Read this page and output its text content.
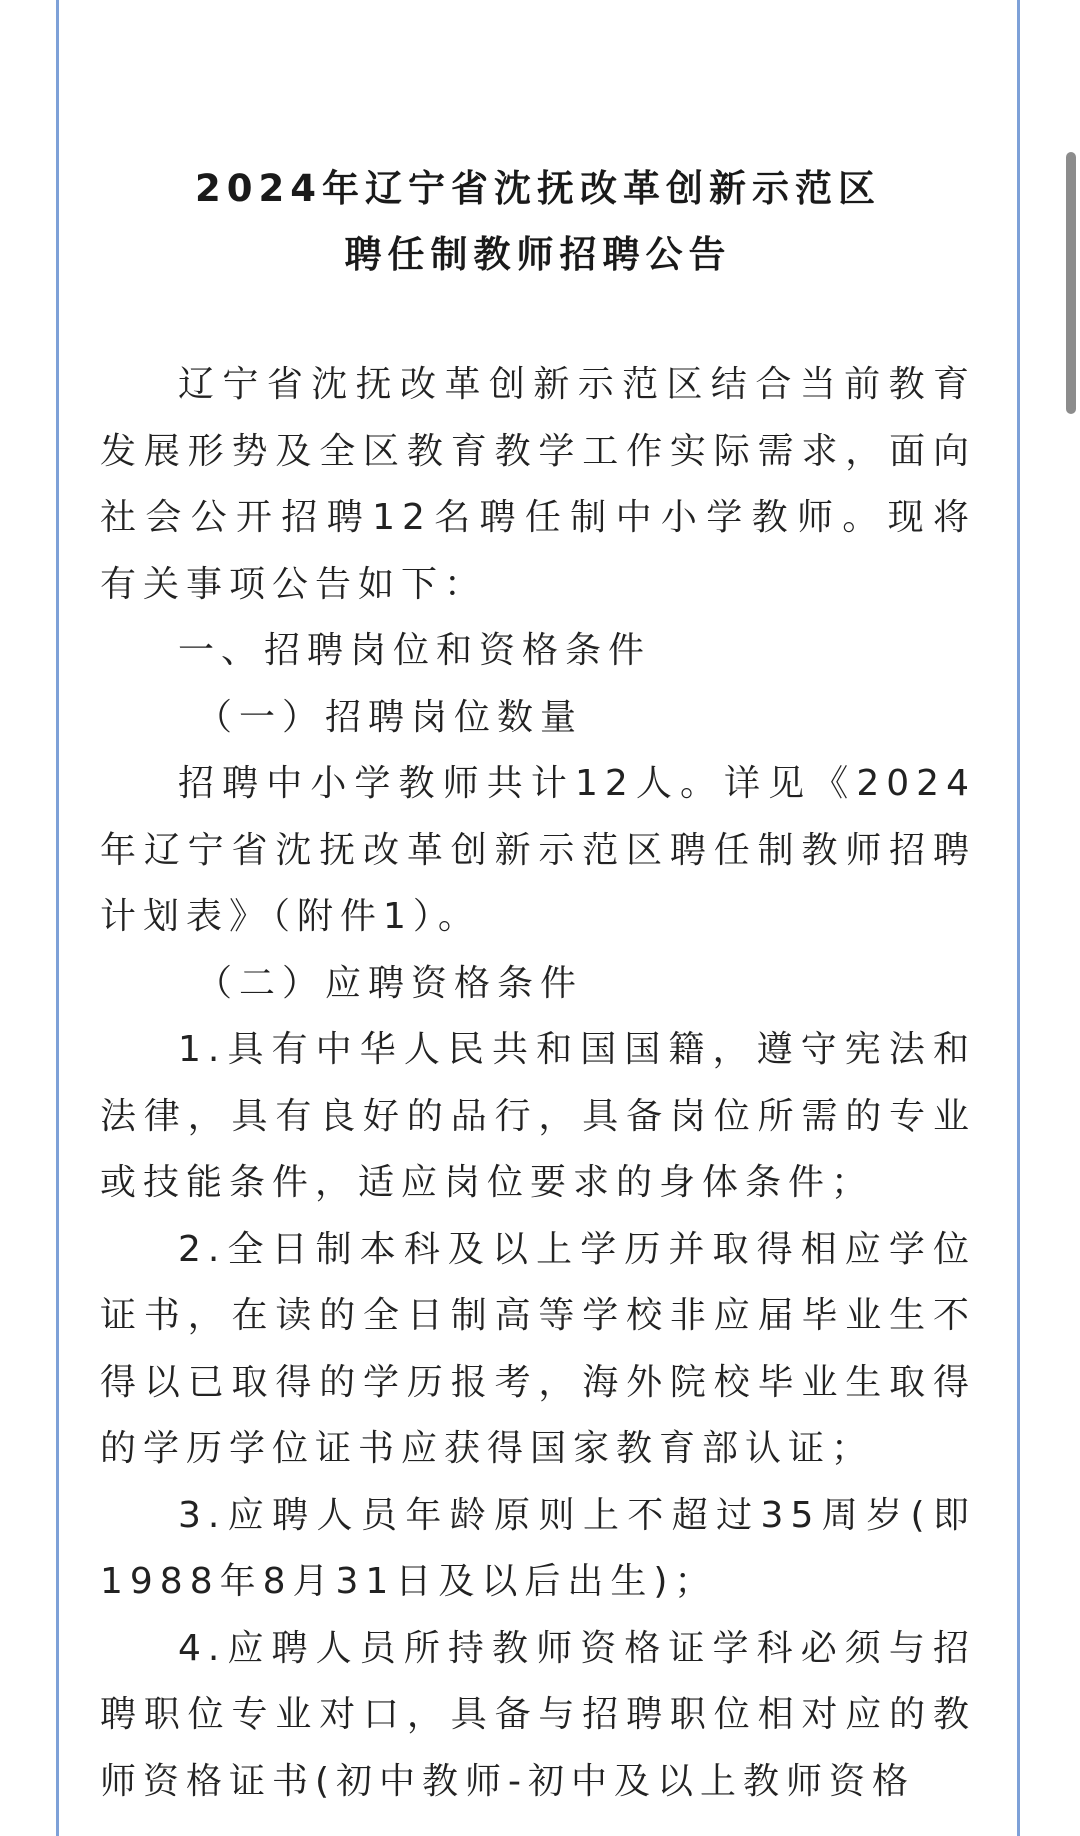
2024年辽宁省沈抚改革创新示范区
聘任制教师招聘公告

辽宁省沈抚改革创新示范区结合当前教育发展形势及全区教育教学工作实际需求，面向社会公开招聘12名聘任制中小学教师。现将有关事项公告如下：

一、招聘岗位和资格条件

（一）招聘岗位数量

招聘中小学教师共计12人。详见《2024年辽宁省沈抚改革创新示范区聘任制教师招聘计划表》（附件1）。

（二）应聘资格条件

1.具有中华人民共和国国籍，遵守宪法和法律，具有良好的品行，具备岗位所需的专业或技能条件，适应岗位要求的身体条件；

2.全日制本科及以上学历并取得相应学位证书，在读的全日制高等学校非应届毕业生不得以已取得的学历报考，海外院校毕业生取得的学历学位证书应获得国家教育部认证；

3.应聘人员年龄原则上不超过35周岁(即1988年8月31日及以后出生)；

4.应聘人员所持教师资格证学科必须与招聘职位专业对口，具备与招聘职位相对应的教师资格证书(初中教师-初中及以上教师资格
